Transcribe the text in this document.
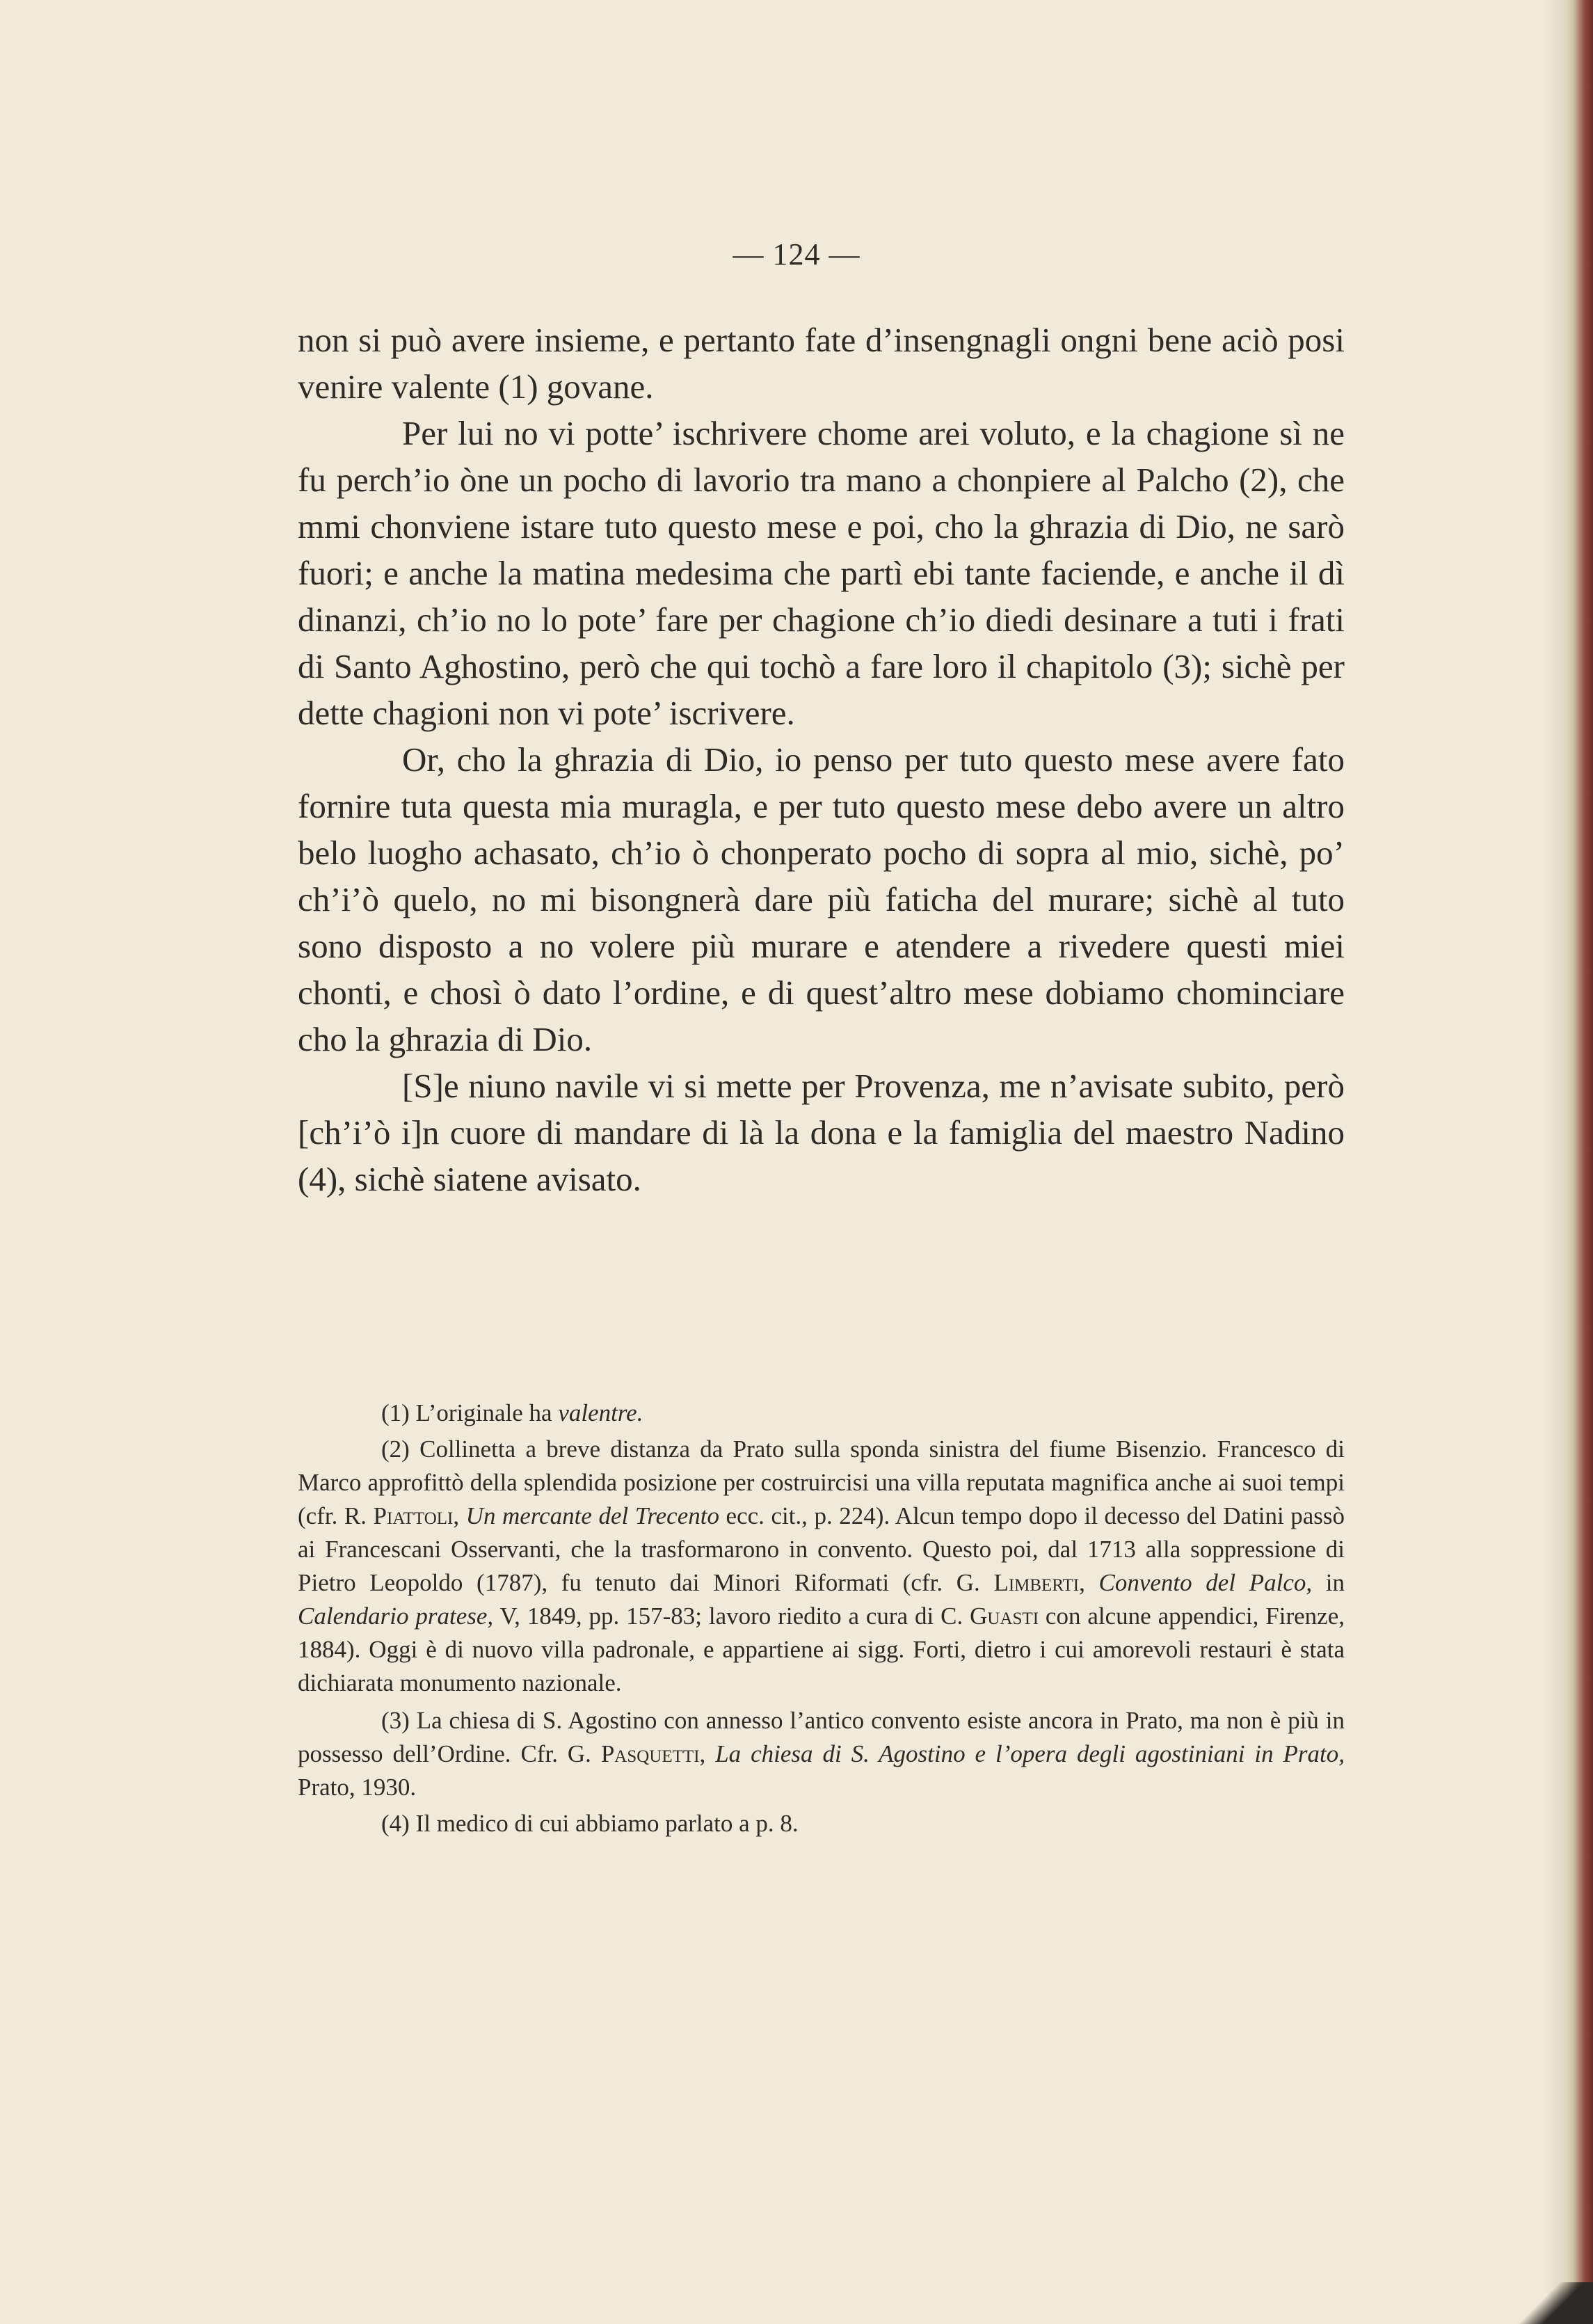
— 124 —

non si può avere insieme, e pertanto fate d’insengnagli ongni bene aciò posi venire valente (1) govane.

Per lui no vi potte’ ischrivere chome arei voluto, e la chagione sì ne fu perch’io òne un pocho di lavorio tra mano a chonpiere al Palcho (2), che mmi chonviene istare tuto questo mese e poi, cho la ghrazia di Dio, ne sarò fuori; e anche la matina medesima che partì ebi tante faciende, e anche il dì dinanzi, ch’io no lo pote’ fare per chagione ch’io diedi desinare a tuti i frati di Santo Aghostino, però che qui tochò a fare loro il chapitolo (3); sichè per dette chagioni non vi pote’ iscrivere.

Or, cho la ghrazia di Dio, io penso per tuto questo mese avere fato fornire tuta questa mia muragla, e per tuto questo mese debo avere un altro belo luogho achasato, ch’io ò chonperato pocho di sopra al mio, sichè, po’ ch’i’ò quelo, no mi bisongnerà dare più faticha del murare; sichè al tuto sono disposto a no volere più murare e atendere a rivedere questi miei chonti, e chosì ò dato l’ordine, e di quest’altro mese dobiamo chominciare cho la ghrazia di Dio.

[S]e niuno navile vi si mette per Provenza, me n’avisate subito, però [ch’i’ò i]n cuore di mandare di là la dona e la famiglia del maestro Nadino (4), sichè siatene avisato.

(1) L’originale ha valentre.

(2) Collinetta a breve distanza da Prato sulla sponda sinistra del fiume Bisenzio. Francesco di Marco approfittò della splendida posizione per costruircisi una villa reputata magnifica anche ai suoi tempi (cfr. R. Piattoli, Un mercante del Trecento ecc. cit., p. 224). Alcun tempo dopo il decesso del Datini passò ai Francescani Osservanti, che la trasformarono in convento. Questo poi, dal 1713 alla soppressione di Pietro Leopoldo (1787), fu tenuto dai Minori Riformati (cfr. G. Limberti, Convento del Palco, in Calendario pratese, V, 1849, pp. 157-83; lavoro riedito a cura di C. Guasti con alcune appendici, Firenze, 1884). Oggi è di nuovo villa padronale, e appartiene ai sigg. Forti, dietro i cui amorevoli restauri è stata dichiarata monumento nazionale.

(3) La chiesa di S. Agostino con annesso l’antico convento esiste ancora in Prato, ma non è più in possesso dell’Ordine. Cfr. G. Pasquetti, La chiesa di S. Agostino e l’opera degli agostiniani in Prato, Prato, 1930.

(4) Il medico di cui abbiamo parlato a p. 8.
